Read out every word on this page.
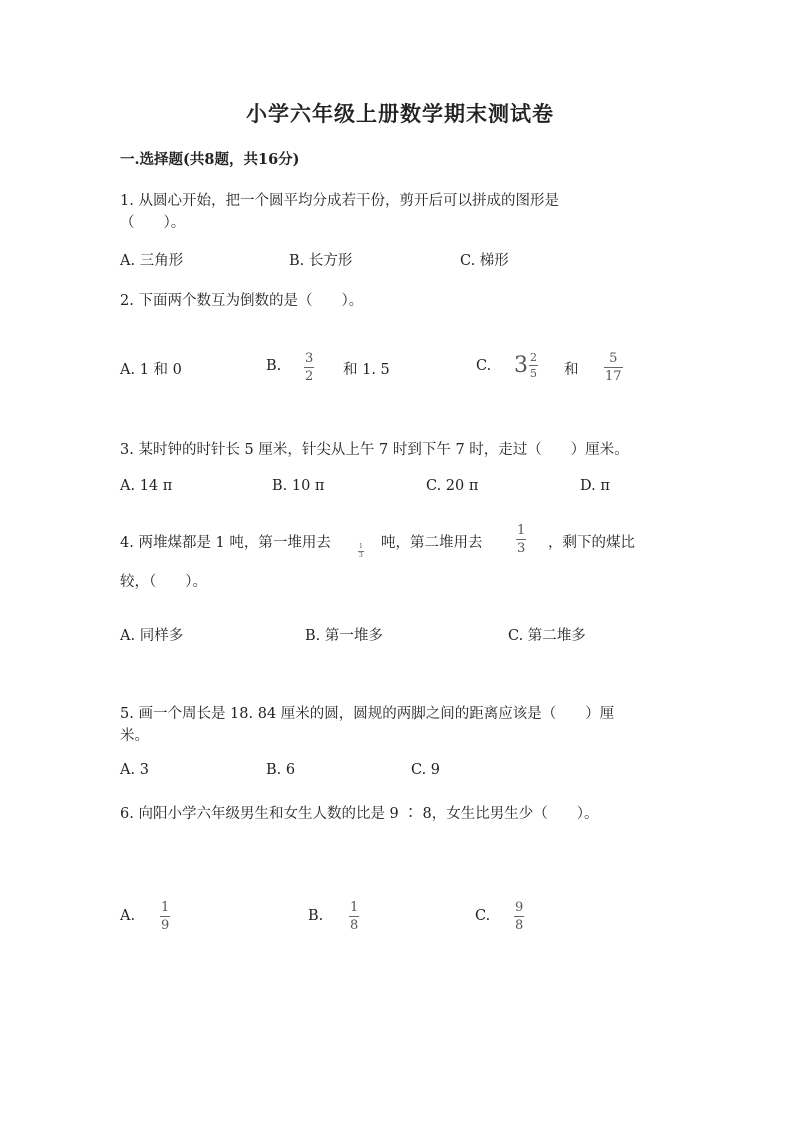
小学六年级上册数学期末测试卷
一.选择题(共8题，共16分)
1. 从圆心开始，把一个圆平均分成若干份，剪开后可以拼成的图形是
（　　）。
A. 三角形	B. 长方形	C. 梯形
2. 下面两个数互为倒数的是（　　）。
A. 1 和 0	B. $\frac{3}{2}$ 和 1. 5	C. $3 \frac{2}{5}$ 和 $\frac{5}{17}$
3. 某时钟的时针长 5 厘米，针尖从上午 7 时到下午 7 时，走过（　　）厘米。
A. 14 π	B. 10 π	C. 20 π	D. π
4. 两堆煤都是 1 吨，第一堆用去
$\frac{1}{3}$
吨，第二堆用去	$\frac{1}{3}$ ，剩下的煤比
较，（　　）。
A. 同样多	B. 第一堆多	C. 第二堆多
5. 画一个周长是 18. 84 厘米的圆，圆规的两脚之间的距离应该是（　　）厘
米。
A. 3	B. 6	C. 9
6. 向阳小学六年级男生和女生人数的比是 9 ∶ 8，女生比男生少（　　）。
A. $\frac{1}{9}$	B. $\frac{1}{8}$	C. $\frac{9}{8}$
